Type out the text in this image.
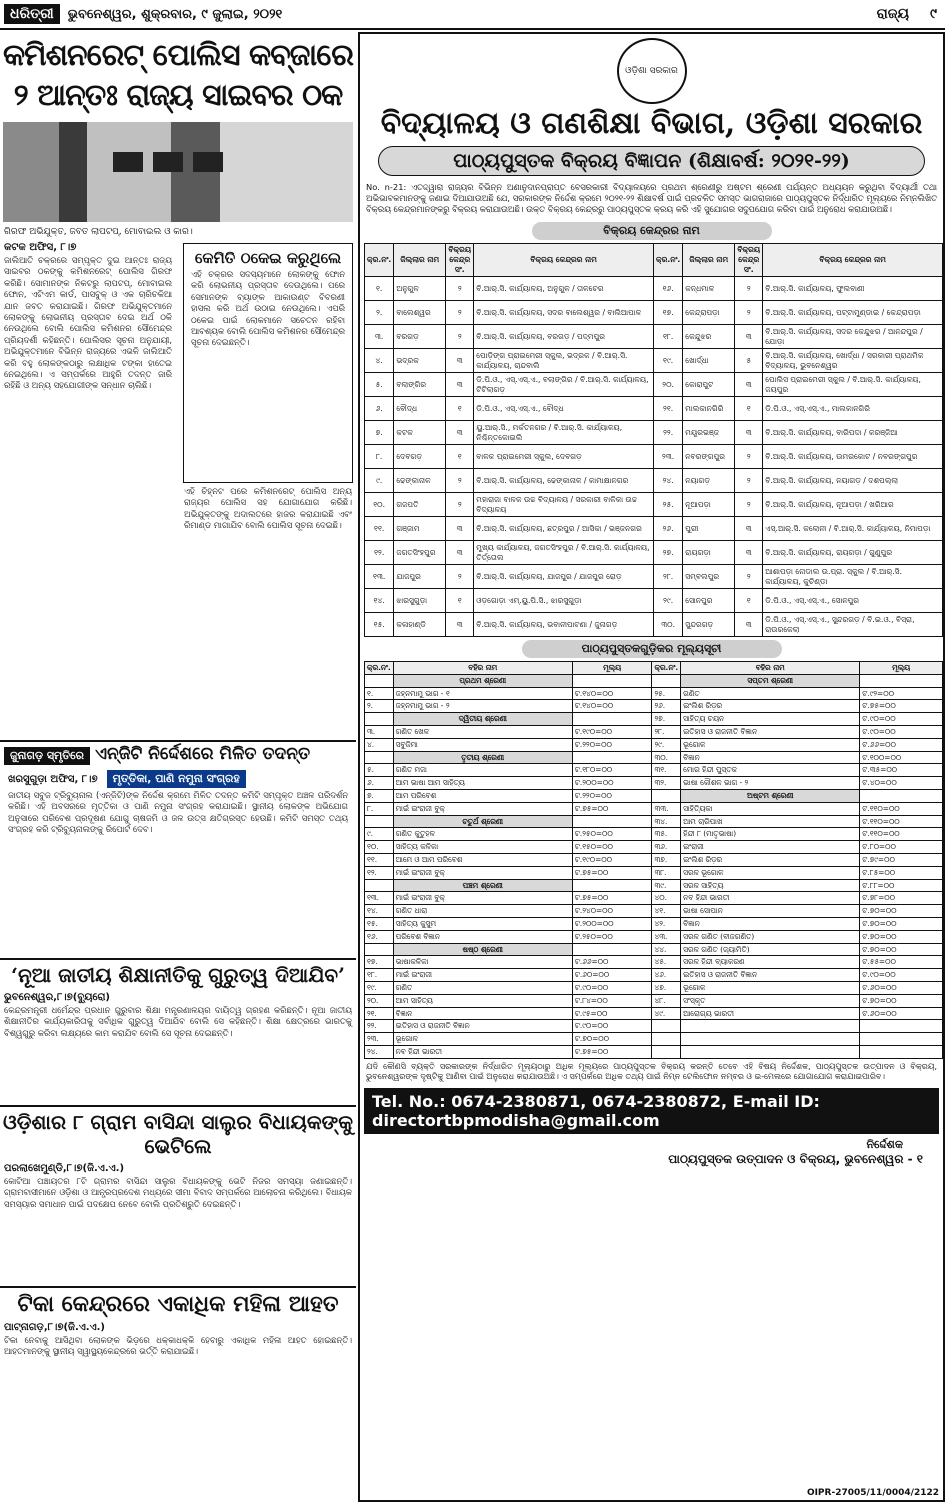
ଧରିତ୍ରୀ	ଭୁବନେଶ୍ୱର, ଶୁକ୍ରବାର, ୯ ଜୁଲାଇ, ୨୦୨୧	ରାଜ୍ୟ ୯
କମିଶନରେଟ୍ ପୋଲିସ କବ୍‌ଜାରେ ୨ ଆନ୍ତଃ ରାଜ୍ୟ ସାଇବର ଠକ
ଗିରଫ ଅଭିଯୁକ୍ତ, ଜବତ ଲାପଟପ୍, ମୋବାଇଲ ଓ କାର।
କଟକ ଅଫିସ, ୮।୭
ଜାଲିଆତି ଚକ୍ରରେ ସମ୍ପୃକ୍ତ ଦୁଇ ଆନ୍ତଃ ରାଜ୍ୟ ସାଇବର ଠକଙ୍କୁ କମିଶନରେଟ୍ ପୋଲିସ ଗିରଫ କରିଛି। ସୋମାନଙ୍କ ନିକଟରୁ ଲାପଟପ୍, ମୋବାଇଲ ଫୋନ, ଏଟିଏମ କାର୍ଡ, ପାସବୁକ୍ ଓ ଏକ ଚାରିଚକିଆ ଯାନ ଜବତ କରାଯାଇଛି। ଗିରଫ ଅଭିଯୁକ୍ତମାନେ ଲୋକଙ୍କୁ ଲୋଭନୀୟ ପ୍ରସ୍ତାବ ଦେଇ ଅର୍ଥ ଠକି ନେଉଥିଲେ ବୋଲି ପୋଲିସ କମିଶନର ସୌମେନ୍ଦ୍ର ପ୍ରିୟଦର୍ଶୀ କହିଛନ୍ତି। ପୋଲିସର ସୂଚନା ଅନୁଯାୟୀ, ଅଭିଯୁକ୍ତମାନେ ବିଭିନ୍ନ ରାଜ୍ୟରେ ଏଭଳି ଜାଲିଆତି କରି ବହୁ ଲୋକଙ୍କଠାରୁ ଲକ୍ଷାଧିକ ଟଙ୍କା ହାତେଇ ନେଇଥିଲେ। ଏ ସମ୍ପର୍କରେ ଆହୁରି ତଦନ୍ତ ଜାରି ରହିଛି ଓ ଅନ୍ୟ ସହଯୋଗୀଙ୍କ ସନ୍ଧାନ ଚାଲିଛି।
କେମିତି ଠକେଇ କରୁଥିଲେ
ଏହି ଚକ୍ରର ସଦସ୍ୟମାନେ ଲୋକଙ୍କୁ ଫୋନ କରି ଲୋଭନୀୟ ପ୍ରସ୍ତାବ ଦେଉଥିଲେ। ପରେ ସେମାନଙ୍କ ବ୍ୟାଙ୍କ ଆକାଉଣ୍ଟ ବିବରଣୀ ହାସଲ କରି ଅର୍ଥ ଉଠାଇ ନେଉଥିଲେ। ଏପରି ଠକେଇ ପାଇଁ ଲୋକମାନେ ସଚେତନ ରହିବା ଆବଶ୍ୟକ ବୋଲି ପୋଲିସ କମିଶନର ସୌମେନ୍ଦ୍ର ସୂଚନା ଦେଇଛନ୍ତି।
ଏହି ଚିହ୍ନଟ ପରେ କମିଶନରେଟ୍ ପୋଲିସ ଅନ୍ୟ ରାଜ୍ୟର ପୋଲିସ ସହ ଯୋଗାଯୋଗ କରିଛି। ଅଭିଯୁକ୍ତଙ୍କୁ ଅଦାଲତରେ ହାଜର କରାଯାଇଛି ଏବଂ ରିମାଣ୍ଡ ମାଗାଯିବ ବୋଲି ପୋଲିସ ସୂଚନା ଦେଇଛି।
ଜୁନାଗଡ଼ ସ୍ମୃତିରେ ଏନ୍‌ଜିଟି ନିର୍ଦ୍ଦେଶରେ ମିଳିତ ତଦନ୍ତ
ଖରସୁଗୁଡ଼ା ଅଫିସ, ୮।୭ ମୃତ୍ତିକା, ପାଣି ନମୁନା ସଂଗ୍ରହ
ଜାତୀୟ ସବୁଜ ଟ୍ରିବ୍ୟୁନାଲ (ଏନ୍‌ଜିଟି)ଙ୍କ ନିର୍ଦ୍ଦେଶ କ୍ରମେ ମିଳିତ ତଦନ୍ତ କମିଟି ସମ୍ପୃକ୍ତ ଅଞ୍ଚଳ ପରିଦର୍ଶନ କରିଛି। ଏହି ଅବସରରେ ମୃତ୍ତିକା ଓ ପାଣି ନମୁନା ସଂଗ୍ରହ କରାଯାଇଛି। ସ୍ଥାନୀୟ ଲୋକଙ୍କ ଅଭିଯୋଗ ଅନୁସାରେ ପରିବେଶ ପ୍ରଦୂଷଣ ଯୋଗୁ ଚାଷଜମି ଓ ଜଳ ଉତ୍ସ କ୍ଷତିଗ୍ରସ୍ତ ହେଉଛି। କମିଟି ସମସ୍ତ ତଥ୍ୟ ସଂଗ୍ରହ କରି ଟ୍ରିବ୍ୟୁନାଲଙ୍କୁ ରିପୋର୍ଟ ଦେବ।
‘ନୂଆ ଜାତୀୟ ଶିକ୍ଷାନୀତିକୁ ଗୁରୁତ୍ୱ ଦିଆଯିବ’
ଭୁବନେଶ୍ୱର,୮।୭(ବ୍ୟୁରୋ)
କେନ୍ଦ୍ରମନ୍ତ୍ରୀ ଧର୍ମେନ୍ଦ୍ର ପ୍ରଧାନ ଗୁରୁବାର ଶିକ୍ଷା ମନ୍ତ୍ରଣାଳୟର ଦାୟିତ୍ୱ ଗ୍ରହଣ କରିଛନ୍ତି। ନୂଆ ଜାତୀୟ ଶିକ୍ଷାନୀତିର କାର୍ଯ୍ୟକାରିତାକୁ ସର୍ବାଧିକ ଗୁରୁତ୍ୱ ଦିଆଯିବ ବୋଲି ସେ କହିଛନ୍ତି। ଶିକ୍ଷା କ୍ଷେତ୍ରରେ ଭାରତକୁ ବିଶ୍ୱଗୁରୁ କରିବା ଲକ୍ଷ୍ୟରେ କାମ କରାଯିବ ବୋଲି ସେ ସୂଚନା ଦେଇଛନ୍ତି।
ଓଡ଼ିଶାର ୮ ଗ୍ରାମ ବାସିନ୍ଦା ସାଲୁର ବିଧାୟକଙ୍କୁ ଭେଟିଲେ
ପରଲାଖେମୁଣ୍ଡି,୮।୭(ଜି.ଏ.ଏ.)
କୋଟିଆ ପଞ୍ଚାୟତର ୮ଟି ଗ୍ରାମର ବାସିନ୍ଦା ସାଲୁର ବିଧାୟକଙ୍କୁ ଭେଟି ନିଜର ସମସ୍ୟା ଜଣାଇଛନ୍ତି। ଗ୍ରାମବାସୀମାନେ ଓଡ଼ିଶା ଓ ଆନ୍ଧ୍ରପ୍ରଦେଶ ମଧ୍ୟରେ ସୀମା ବିବାଦ ସମ୍ପର୍କରେ ଆଲୋଚନା କରିଥିଲେ। ବିଧାୟକ ସମସ୍ୟାର ସମାଧାନ ପାଇଁ ପଦକ୍ଷେପ ନେବେ ବୋଲି ପ୍ରତିଶ୍ରୁତି ଦେଇଛନ୍ତି।
ଟିକା କେନ୍ଦ୍ରରେ ଏକାଧିକ ମହିଳା ଆହତ
ପାଟ୍‌ନାଗଡ଼,୮।୭(ଜି.ଏ.ଏ.)
ଟିକା ନେବାକୁ ଆସିଥିବା ଲୋକଙ୍କ ଭିଡ଼ରେ ଧକ୍କାଧକ୍କି ହେବାରୁ ଏକାଧିକ ମହିଳା ଆହତ ହୋଇଛନ୍ତି। ଆହତମାନଙ୍କୁ ସ୍ଥାନୀୟ ସ୍ୱାସ୍ଥ୍ୟକେନ୍ଦ୍ରରେ ଭର୍ତ୍ତି କରାଯାଇଛି।
ଓଡ଼ିଶା ସରକାର
ବିଦ୍ୟାଳୟ ଓ ଗଣଶିକ୍ଷା ବିଭାଗ, ଓଡ଼ିଶା ସରକାର
ପାଠ୍ୟପୁସ୍ତକ ବିକ୍ରୟ ବିଜ୍ଞାପନ (ଶିକ୍ଷାବର୍ଷ: ୨୦୨୧-୨୨)
No. n-21: ଏତଦ୍ଦ୍ୱାରା ରାଜ୍ୟର ବିଭିନ୍ନ ଅଣାନୁଦାନପ୍ରାପ୍ତ ବେସରକାରୀ ବିଦ୍ୟାଳୟରେ ପ୍ରଥମ ଶ୍ରେଣୀରୁ ଅଷ୍ଟମ ଶ୍ରେଣୀ ପର୍ଯ୍ୟନ୍ତ ଅଧ୍ୟୟନ କରୁଥିବା ବିଦ୍ୟାର୍ଥୀ ତଥା ଅଭିଭାବକମାନଙ୍କୁ ଜଣାଇ ଦିଆଯାଉଅଛି ଯେ, ସରକାରଙ୍କ ନିର୍ଦ୍ଦେଶ କ୍ରମେ ୨୦୨୧-୨୨ ଶିକ୍ଷାବର୍ଷ ପାଇଁ ପ୍ରଚଳିତ ସମସ୍ତ ଭାଗରାଜାରେ ପାଠ୍ୟପୁସ୍ତକ ନିର୍ଦ୍ଧାରିତ ମୂଲ୍ୟରେ ନିମ୍ନଲିଖିତ ବିକ୍ରୟ କେନ୍ଦ୍ରମାନଙ୍କରୁ ବିକ୍ରୟ କରାଯାଉଅଛି। ଉକ୍ତ ବିକ୍ରୟ କେନ୍ଦ୍ରରୁ ପାଠ୍ୟପୁସ୍ତକ କ୍ରୟ କରି ଏହି ସୁଯୋଗର ସଦୁପଯୋଗ କରିବା ପାଇଁ ଅନୁରୋଧ କରାଯାଉଅଛି।
ବିକ୍ରୟ କେନ୍ଦ୍ରର ନାମ
କ୍ର.ନଂ.	ଜିଲ୍ଲାର ନାମ	ବିକ୍ରୟ କେନ୍ଦ୍ର ସଂ.	ବିକ୍ରୟ କେନ୍ଦ୍ରର ନାମ	କ୍ର.ନଂ.	ଜିଲ୍ଲାର ନାମ	ବିକ୍ରୟ କେନ୍ଦ୍ର ସଂ.	ବିକ୍ରୟ କେନ୍ଦ୍ରର ନାମ
୧.	ଅନୁଗୁଳ	୨	ବି.ଆର୍.ସି. କାର୍ଯ୍ୟାଳୟ, ଅନୁଗୁଳ / ତାଳଚେର	୧୬.	କନ୍ଧମାଳ	୨	ବି.ଆର୍.ସି. କାର୍ଯ୍ୟାଳୟ, ଫୁଲବାଣୀ
୨.	ବାଲେଶ୍ୱର	୨	ବି.ଆର୍.ସି. କାର୍ଯ୍ୟାଳୟ, ସଦର ବାଲେଶ୍ୱର / ବାଲିଆପାଳ	୧୭.	କେନ୍ଦ୍ରାପଡ଼ା	୨	ବି.ଆର୍.ସି. କାର୍ଯ୍ୟାଳୟ, ପଟ୍ଟାମୁଣ୍ଡାଇ / କେନ୍ଦ୍ରାପଡ଼ା
୩.	ବରଗଡ଼	୨	ବି.ଆର୍.ସି. କାର୍ଯ୍ୟାଳୟ, ବରଗଡ଼ / ପଦ୍ମପୁର	୧୮.	କେନ୍ଦୁଝର	୩	ବି.ଆର୍.ସି. କାର୍ଯ୍ୟାଳୟ, ସଦର କେନ୍ଦୁଝର / ଆନନ୍ଦପୁର / ଯୋଡ଼ା
୪.	ଭଦ୍ରକ	୩	ପୋଡ଼ିଙ୍ଗ ପ୍ରାଇମେରୀ ସ୍କୁଲ, ଭଦ୍ରକ / ବି.ଆର୍.ସି. କାର୍ଯ୍ୟାଳୟ, ଚାନ୍ଦବାଲି	୧୯.	ଖୋର୍ଦ୍ଧା	୫	ବି.ଆର୍.ସି. କାର୍ଯ୍ୟାଳୟ, ଖୋର୍ଦ୍ଧା / ସରକାରୀ ପ୍ରାଥମିକ ବିଦ୍ୟାଳୟ, ଭୁବନେଶ୍ୱର
୫.	ବଲାଙ୍ଗିର	୩	ଡି.ପି.ଓ., ଏସ୍.ଏସ୍.ଏ., ବଲାଙ୍ଗିର / ବି.ଆର୍.ସି. କାର୍ଯ୍ୟାଳୟ, ଟିଟିଲାଗଡ଼	୨୦.	କୋରାପୁଟ	୩	ପୋଲିସ ପ୍ରାଇମେରୀ ସ୍କୁଲ / ବି.ଆର୍.ସି. କାର୍ଯ୍ୟାଳୟ, ଜୟପୁର
୬.	ବୌଦ୍ଧ	୧	ଡି.ପି.ଓ., ଏସ୍.ଏସ୍.ଏ., ବୌଦ୍ଧ	୨୧.	ମାଲକାନଗିରି	୧	ଡି.ପି.ଓ., ଏସ୍.ଏସ୍.ଏ., ମାଲକାନଗିରି
୭.	କଟକ	୩	ୟୁ.ଆର୍.ସି., ମର୍କତନଗର / ବି.ଆର୍.ସି. କାର୍ଯ୍ୟାଳୟ, ନିଶ୍ଚିନ୍ତକୋଇଲି	୨୨.	ମୟୂରଭଞ୍ଜ	୩	ବି.ଆର୍.ସି. କାର୍ଯ୍ୟାଳୟ, ବାରିପଦା / କରଞ୍ଜିଆ
୮.	ଦେବଗଡ଼	୧	ବାଳକ ପ୍ରାଇମେରୀ ସ୍କୁଲ, ଦେବଗଡ଼	୨୩.	ନବରଙ୍ଗପୁର	୨	ବି.ଆର୍.ସି. କାର୍ଯ୍ୟାଳୟ, ଉମରକୋଟ / ନବରଙ୍ଗପୁର
୯.	ଢେଙ୍କାନାଳ	୨	ବି.ଆର୍.ସି. କାର୍ଯ୍ୟାଳୟ, ଢେଙ୍କାନାଳ / କାମାକ୍ଷାନଗର	୨୪.	ନୟାଗଡ଼	୨	ବି.ଆର୍.ସି. କାର୍ଯ୍ୟାଳୟ, ନୟାଗଡ଼ / ଦଶପଲ୍ଲା
୧୦.	ଗଜପତି	୨	ମହାରାଜା ବାଳକ ଉଚ୍ଚ ବିଦ୍ୟାଳୟ / ସରକାରୀ ବାଳିକା ଉଚ୍ଚ ବିଦ୍ୟାଳୟ	୨୫.	ନୂଆପଡ଼ା	୨	ବି.ଆର୍.ସି. କାର୍ଯ୍ୟାଳୟ, ନୂଆପଡ଼ା / ଖରିଆର
୧୧.	ଗଞ୍ଜାମ	୩	ବି.ଆର୍.ସି. କାର୍ଯ୍ୟାଳୟ, ଛତ୍ରପୁର / ଆସିକା / ଭଞ୍ଜନଗର	୨୬.	ପୁରୀ	୩	ଏସ୍.ଆର୍.ସି. କଲୋନୀ / ବି.ଆର୍.ସି. କାର୍ଯ୍ୟାଳୟ, ନିମାପଡ଼ା
୧୨.	ଜଗତସିଂହପୁର	୩	ମୁଖ୍ୟ କାର୍ଯ୍ୟାଳୟ, ଜଗତସିଂହପୁର / ବି.ଆର୍.ସି. କାର୍ଯ୍ୟାଳୟ, ତିର୍ତ୍ତୋଲ	୨୭.	ରାୟଗଡ଼ା	୩	ବି.ଆର୍.ସି. କାର୍ଯ୍ୟାଳୟ, ରାୟଗଡ଼ା / ଗୁଣୁପୁର
୧୩.	ଯାଜପୁର	୨	ବି.ଆର୍.ସି. କାର୍ଯ୍ୟାଳୟ, ଯାଜପୁର / ଯାଜପୁର ରୋଡ଼	୨୮.	ସମ୍ବଲପୁର	୨	ଆଶାପଡ଼ା ନୋଡାଲ ଉ.ପ୍ରା. ସ୍କୁଲ / ବି.ଆର୍.ସି. କାର୍ଯ୍ୟାଳୟ, କୁଚିଣ୍ଡା
୧୪.	ଝାରସୁଗୁଡ଼ା	୧	ଓଡ଼ଗୋଡ଼ା ଏମ୍.ୟୁ.ପି.ସି., ଝାରସୁଗୁଡ଼ା	୨୯.	ସୋନପୁର	୧	ଡି.ପି.ଓ., ଏସ୍.ଏସ୍.ଏ., ସୋନପୁର
୧୫.	କଳାହାଣ୍ଡି	୩	ବି.ଆର୍.ସି. କାର୍ଯ୍ୟାଳୟ, ଭବାନୀପାଟଣା / ଜୁନାଗଡ଼	୩୦.	ସୁନ୍ଦରଗଡ଼	୩	ଡି.ପି.ଓ., ଏସ୍.ଏସ୍.ଏ., ସୁନ୍ଦରଗଡ଼ / ବି.ଇ.ଓ., ବିସ୍ରା, ରାଉରକେଲା
ପାଠ୍ୟପୁସ୍ତକଗୁଡ଼ିକର ମୂଲ୍ୟସୂଚୀ
କ୍ର.ନଂ.	ବହିର ନାମ	ମୂଲ୍ୟ	କ୍ର.ନଂ.	ବହିର ନାମ	ମୂଲ୍ୟ
	ପ୍ରଥମ ଶ୍ରେଣୀ			ସପ୍ତମ ଶ୍ରେଣୀ	
୧.	ଜହ୍ନମାମୁ ଭାଗ - ୧	ଟ.୧୪୦=୦୦	୨୫.	ଗଣିତ	ଟ.୯୨=୦୦
୨.	ଜହ୍ନମାମୁ ଭାଗ - ୨	ଟ.୧୪୦=୦୦	୨୬.	ଇଂଲିଶ ରିଡ଼ର	ଟ.୭୫=୦୦
	ଦ୍ୱିତୀୟ ଶ୍ରେଣୀ		୨୭.	ସାହିତ୍ୟ ଚୟନ	ଟ.୯୦=୦୦
୩.	ଗଣିତ ଖେଳ	ଟ.୧୯୦=୦୦	୨୮.	ଇତିହାସ ଓ ରାଜନୀତି ବିଜ୍ଞାନ	ଟ.୯୦=୦୦
୪.	ସବୁଜିମା	ଟ.୨୨୦=୦୦	୨୯.	ଭୂଗୋଳ	ଟ.୬୬=୦୦
	ତୃତୀୟ ଶ୍ରେଣୀ		୩୦.	ବିଜ୍ଞାନ	ଟ.୧୦୦=୦୦
୫.	ଗଣିତ ମଜା	ଟ.୧୮୦=୦୦	୩୧.	ମୋର ହିନ୍ଦୀ ପୁସ୍ତକ	ଟ.୩୫=୦୦
୬.	ଆମ ଭାଷା ଆମ ସାହିତ୍ୟ	ଟ.୨୦୦=୦୦	୩୨.	ଭାଷା କୌଶଳ ଭାଗ - ୨	ଟ.୪୦=୦୦
୭.	ଆମ ପରିବେଶ	ଟ.୨୨୦=୦୦		ଅଷ୍ଟମ ଶ୍ରେଣୀ	
୮.	ମାଇଁ ଇଂରାଜୀ ବୁକ୍	ଟ.୭୫=୦୦	୩୩.	ସାହିତ୍ୟିକା	ଟ.୧୧୦=୦୦
	ଚତୁର୍ଥ ଶ୍ରେଣୀ		୩୪.	ଆମ ଚାରିପାଖ	ଟ.୧୧୦=୦୦
୯.	ଗଣିତ କୁତୁହଳ	ଟ.୨୫୦=୦୦	୩୫.	ହିନ୍ଦୀ ୮ (ମାତୃଭାଷା)	ଟ.୧୧୦=୦୦
୧୦.	ସାହିତ୍ୟ କଳିକା	ଟ.୧୫୦=୦୦	୩୬.	ଇଂରାଜୀ	ଟ.୮୦=୦୦
୧୧.	ଆମେ ଓ ଆମ ପରିବେଶ	ଟ.୧୯୦=୦୦	୩୭.	ଇଂଲିଶ ରିଡ଼ର	ଟ.୭୯=୦୦
୧୨.	ମାଇଁ ଇଂରାଜୀ ବୁକ୍	ଟ.୭୫=୦୦	୩୮.	ସରଳ ଭୂଗୋଳ	ଟ.୮୫=୦୦
	ପଞ୍ଚମ ଶ୍ରେଣୀ		୩୯.	ସରଳ ସାହିତ୍ୟ	ଟ.୮୮=୦୦
୧୩.	ମାଇଁ ଇଂରାଜୀ ବୁକ୍	ଟ.୭୫=୦୦	୪୦.	ନବ ହିନ୍ଦୀ ଭାରତୀ	ଟ.୭୮=୦୦
୧୪.	ଗଣିତ ଧାରା	ଟ.୨୪୦=୦୦	୪୧.	ଭାଷା ସୋପାନ	ଟ.୭୦=୦୦
୧୫.	ସାହିତ୍ୟ କୁସୁମ	ଟ.୨୦୦=୦୦	୪୨.	ବିଜ୍ଞାନ	ଟ.୭୦=୦୦
୧୬.	ପରିବେଶ ବିଜ୍ଞାନ	ଟ.୨୫୦=୦୦	୪୩.	ସରଳ ଗଣିତ (ବୀଜଗଣିତ)	ଟ.୭୦=୦୦
	ଷଷ୍ଠ ଶ୍ରେଣୀ		୪୪.	ସରଳ ଗଣିତ (ଜ୍ୟାମିତି)	ଟ.୭୦=୦୦
୧୭.	ଭାଷାକଳିକା	ଟ.୬୬=୦୦	୪୫.	ସରଳ ହିନ୍ଦୀ ବ୍ୟାକରଣ	ଟ.୫୫=୦୦
୧୮.	ମାଇଁ ଇଂରାଜୀ	ଟ.୬୦=୦୦	୪୬.	ଇତିହାସ ଓ ରାଜନୀତି ବିଜ୍ଞାନ	ଟ.୯୦=୦୦
୧୯.	ଗଣିତ	ଟ.୯୦=୦୦	୪୭.	ଭୂଗୋଳ	ଟ.୬୦=୦୦
୨୦.	ଆମ ସାହିତ୍ୟ	ଟ.୮୪=୦୦	୪୮.	ସଂସ୍କୃତ	ଟ.୭୦=୦୦
୨୧.	ବିଜ୍ଞାନ	ଟ.୯୫=୦୦	୪୯.	ଆରୋଗ୍ୟ ଭାରତୀ	ଟ.୬୦=୦୦
୨୨.	ଇତିହାସ ଓ ରାଜନୀତି ବିଜ୍ଞାନ	ଟ.୯୦=୦୦			
୨୩.	ଭୂଗୋଳ	ଟ.୭୦=୦୦			
୨୪.	ନବ ହିନ୍ଦୀ ଭାରତୀ	ଟ.୭୫=୦୦			
ଯଦି କୌଣସି ବ୍ୟକ୍ତି ସରକାରଙ୍କ ନିର୍ଦ୍ଧାରିତ ମୂଲ୍ୟଠାରୁ ଅଧିକ ମୂଲ୍ୟରେ ପାଠ୍ୟପୁସ୍ତକ ବିକ୍ରୟ କରନ୍ତି ତେବେ ଏହି ବିଷୟ ନିର୍ଦ୍ଦେଶକ, ପାଠ୍ୟପୁସ୍ତକ ଉତ୍ପାଦନ ଓ ବିକ୍ରୟ, ଭୁବନେଶ୍ୱରଙ୍କ ଦୃଷ୍ଟିକୁ ଆଣିବା ପାଇଁ ଅନୁରୋଧ କରାଯାଉଅଛି। ଏ ସମ୍ପର୍କରେ ଅଧିକ ତଥ୍ୟ ପାଇଁ ନିମ୍ନ ଟେଲିଫୋନ ନମ୍ବର ଓ ଇ-ମେଲରେ ଯୋଗାଯୋଗ କରାଯାଇପାରିବ।
Tel. No.: 0674-2380871, 0674-2380872, E-mail ID: directortbpmodisha@gmail.com
ନିର୍ଦ୍ଦେଶକ
ପାଠ୍ୟପୁସ୍ତକ ଉତ୍ପାଦନ ଓ ବିକ୍ରୟ, ଭୁବନେଶ୍ୱର - ୧
OIPR-27005/11/0004/2122
